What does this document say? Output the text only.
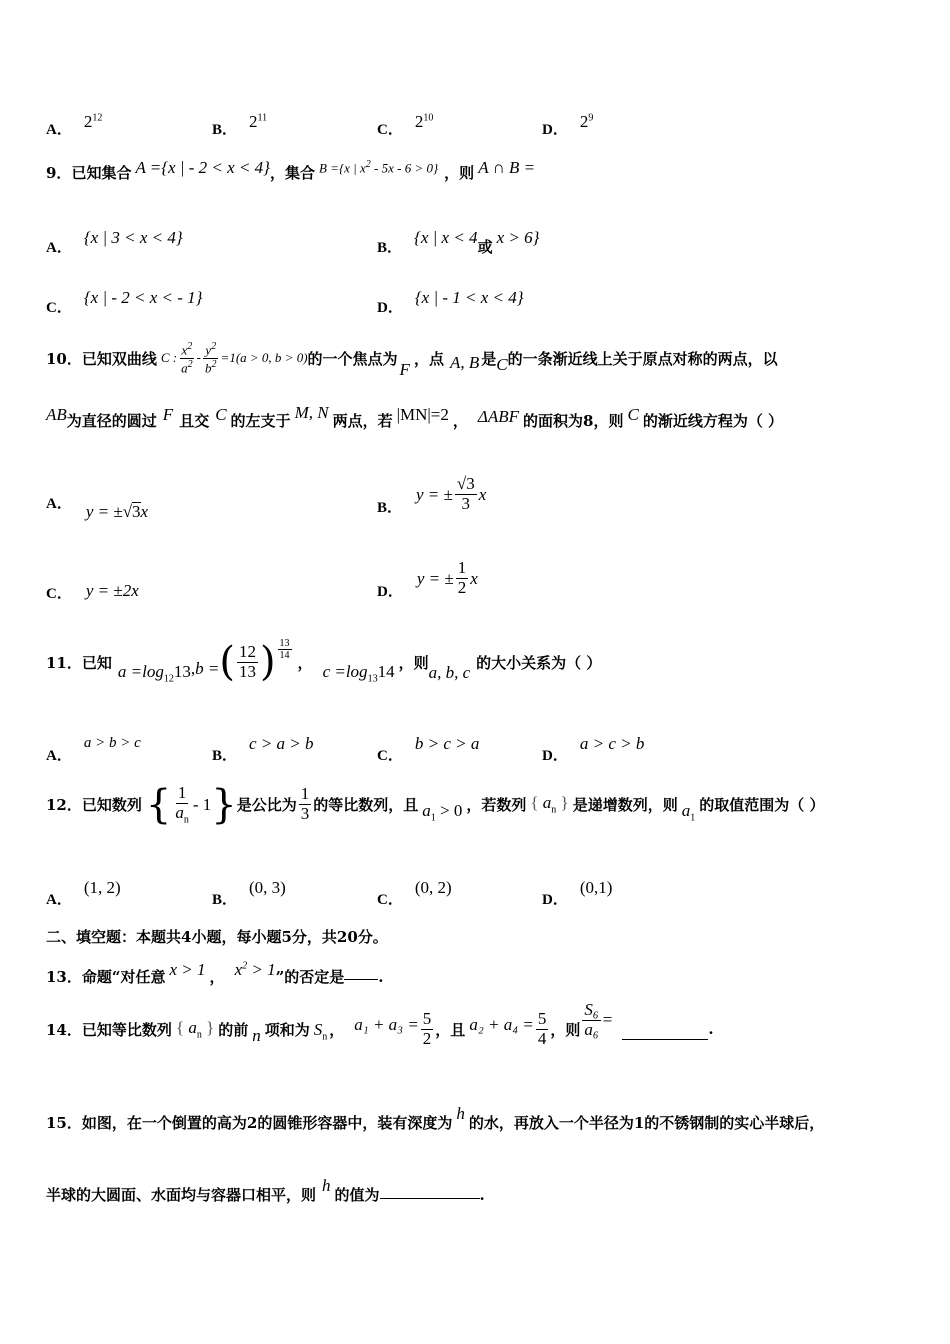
A． $2^{12}$
B． $2^{11}$
C． $2^{10}$
D． $2^9$
9． 已知集合 A ={x | - 2 < x < 4} ，集合 B ={x | $x^2 - 5x - 6 > 0$} ，则 A ∩ B =
A．
{x | 3 < x < 4}
B．
{x | x < 4
或
x > 6}
C．
{x | - 2 < x < - 1}
D．
{x | - 1 < x < 4}
10． 已知双曲线 C : $\frac{x^2}{a^2} - \frac{y^2}{b^2} =1(a > 0$, b > 0) 的一个焦点为
F
，点 A, B 是 C 的一条渐近线上关于原点对称的两点，以
AB 为直径的圆过 F 且交 C 的左支于 M, N 两点，若 |MN|=2 ， ΔABF 的面积为8，则 C 的渐近线方程为（ ）
A． y = ± √ 3 x	B．
y = ± $\frac{√3}{3}$ x
C． y = ±2x	D．
y = ± $\frac{1}{2}$ x
11． 已知 $a =\log_{12}13$ , b = ( $\frac{12}{13}$ ) $\frac{13}{14}$
， $c =\log_{13}14$ ，则
a, b, c
的大小关系为（ ）
A．
a > b > c
B．
c > a > b
C．
b > c > a
D．
a > c > b
12． 已知数列 { $\frac{1}{a_n} - 1$ } 是公比为 $\frac{1}{3}$ 的等比数列，且 $a_1 > 0$ ，若数列 { $a_n$ } 是递增数列，则 $a_1$
的取值范围为（ ）
A．
(1, 2)
B．
(0, 3)
C．
(0, 2)
D．
(0,1)
二、填空题：本题共4小题，每小题5分，共20分。
13． 命题“对任意 x > 1 ， $x^2 > 1$ ”的否定是 .
14． 已知等比数列 { $a_n$ } 的前 n 项和为 $S_n$ ， $a_1 + a_3 = \frac{5}{2}$ ，且 $a_2 + a_4 = \frac{5}{4}$ ，则 $\frac{\text{S₆}}{\text{a₆}}$ =	.
15． 如图，在一个倒置的高为2的圆锥形容器中，装有深度为
h
的水，再放入一个半径为1的不锈钢制的实心半球后，
半球的大圆面、水面均与容器口相平，则
h
的值为	.
